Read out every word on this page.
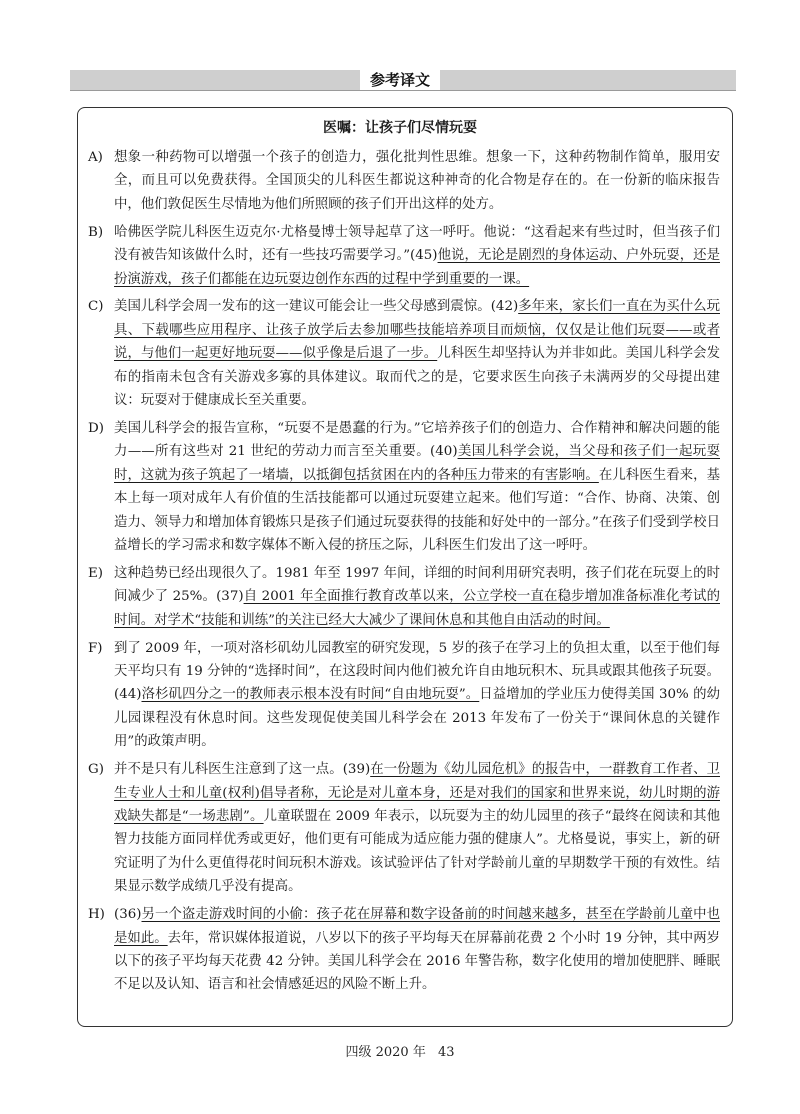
参考译文
医嘱：让孩子们尽情玩耍
A) 想象一种药物可以增强一个孩子的创造力，强化批判性思维。想象一下，这种药物制作简单，服用安全，而且可以免费获得。全国顶尖的儿科医生都说这种神奇的化合物是存在的。在一份新的临床报告中，他们敦促医生尽情地为他们所照顾的孩子们开出这样的处方。
B) 哈佛医学院儿科医生迈克尔·尤格曼博士领导起草了这一呼吁。他说：“这看起来有些过时，但当孩子们没有被告知该做什么时，还有一些技巧需要学习。”(45)他说，无论是剧烈的身体运动、户外玩耍，还是扮演游戏，孩子们都能在边玩耍边创作东西的过程中学到重要的一课。
C) 美国儿科学会周一发布的这一建议可能会让一些父母感到震惊。(42)多年来，家长们一直在为买什么玩具、下载哪些应用程序、让孩子放学后去参加哪些技能培养项目而烦恼，仅仅是让他们玩耍——或者说，与他们一起更好地玩耍——似乎像是后退了一步。儿科医生却坚持认为并非如此。美国儿科学会发布的指南未包含有关游戏多寡的具体建议。取而代之的是，它要求医生向孩子未满两岁的父母提出建议：玩耍对于健康成长至关重要。
D) 美国儿科学会的报告宣称，“玩耍不是愚蠢的行为。”它培养孩子们的创造力、合作精神和解决问题的能力——所有这些对 21 世纪的劳动力而言至关重要。(40)美国儿科学会说，当父母和孩子们一起玩耍时，这就为孩子筑起了一堵墙，以抵御包括贫困在内的各种压力带来的有害影响。在儿科医生看来，基本上每一项对成年人有价值的生活技能都可以通过玩耍建立起来。他们写道：“合作、协商、决策、创造力、领导力和增加体育锻炼只是孩子们通过玩耍获得的技能和好处中的一部分。”在孩子们受到学校日益增长的学习需求和数字媒体不断入侵的挤压之际，儿科医生们发出了这一呼吁。
E) 这种趋势已经出现很久了。1981 年至 1997 年间，详细的时间利用研究表明，孩子们花在玩耍上的时间减少了 25%。(37)自 2001 年全面推行教育改革以来，公立学校一直在稳步增加准备标准化考试的时间。对学术“技能和训练”的关注已经大大减少了课间休息和其他自由活动的时间。
F) 到了 2009 年，一项对洛杉矶幼儿园教室的研究发现，5 岁的孩子在学习上的负担太重，以至于他们每天平均只有 19 分钟的“选择时间”，在这段时间内他们被允许自由地玩积木、玩具或跟其他孩子玩耍。(44)洛杉矶四分之一的教师表示根本没有时间“自由地玩耍”。日益增加的学业压力使得美国 30% 的幼儿园课程没有休息时间。这些发现促使美国儿科学会在 2013 年发布了一份关于“课间休息的关键作用”的政策声明。
G) 并不是只有儿科医生注意到了这一点。(39)在一份题为《幼儿园危机》的报告中，一群教育工作者、卫生专业人士和儿童(权利)倡导者称，无论是对儿童本身，还是对我们的国家和世界来说，幼儿时期的游戏缺失都是“一场悲剧”。儿童联盟在 2009 年表示，以玩耍为主的幼儿园里的孩子“最终在阅读和其他智力技能方面同样优秀或更好，他们更有可能成为适应能力强的健康人”。尤格曼说，事实上，新的研究证明了为什么更值得花时间玩积木游戏。该试验评估了针对学龄前儿童的早期数学干预的有效性。结果显示数学成绩几乎没有提高。
H) (36)另一个盗走游戏时间的小偷：孩子花在屏幕和数字设备前的时间越来越多，甚至在学龄前儿童中也是如此。去年，常识媒体报道说，八岁以下的孩子平均每天在屏幕前花费 2 个小时 19 分钟，其中两岁以下的孩子平均每天花费 42 分钟。美国儿科学会在 2016 年警告称，数字化使用的增加使肥胖、睡眠不足以及认知、语言和社会情感延迟的风险不断上升。
四级 2020 年 43
